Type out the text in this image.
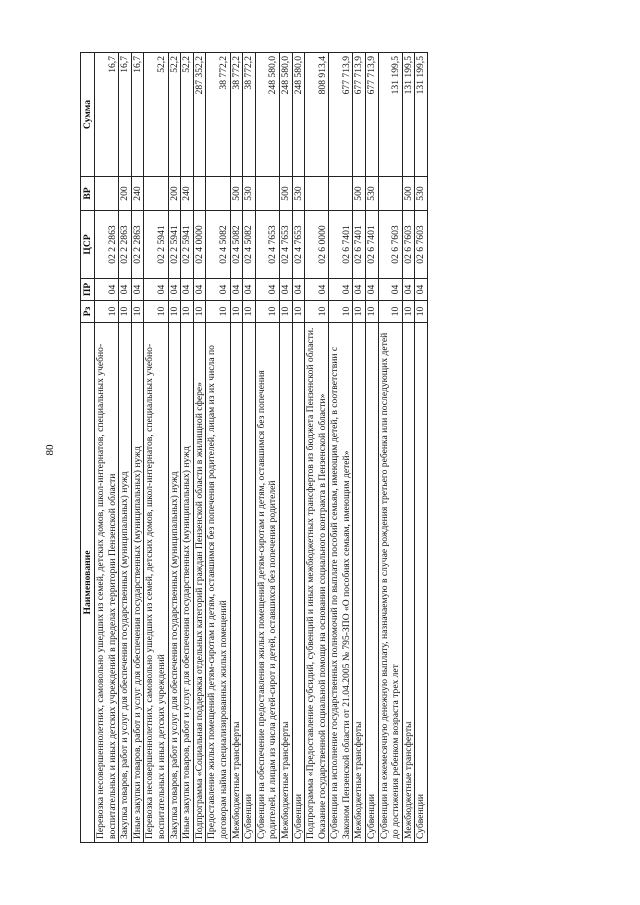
80
Наименование	Рз	ПР	ЦСР	ВР	Сумма
Перевозка несовершеннолетних, самовольно ушедших из семей, детских домов, школ-интернатов, специальных учебно-воспитательных и иных детских учреждений в пределах территории Пензенской области	10	04	02 2 2863		16,7
Закупка товаров, работ и услуг для обеспечения государственных (муниципальных) нужд	10	04	02 2 2863	200	16,7
Иные закупки товаров, работ и услуг для обеспечения государственных (муниципальных) нужд	10	04	02 2 2863	240	16,7
Перевозка несовершеннолетних, самовольно ушедших из семей, детских домов, школ-интернатов, специальных учебно-воспитательных и иных детских учреждений	10	04	02 2 5941		52,2
Закупка товаров, работ и услуг для обеспечения государственных (муниципальных) нужд	10	04	02 2 5941	200	52,2
Иные закупки товаров, работ и услуг для обеспечения государственных (муниципальных) нужд	10	04	02 2 5941	240	52,2
Подпрограмма «Социальная поддержка отдельных категорий граждан Пензенской области в жилищной сфере»	10	04	02 4 0000		287 352,2
Предоставление жилых помещений детям-сиротам и детям, оставшимся без попечения родителей, лицам из их числа по договорам найма специализированных жилых помещений	10	04	02 4 5082		38 772,2
Межбюджетные трансферты	10	04	02 4 5082	500	38 772,2
Субвенции	10	04	02 4 5082	530	38 772,2
Субвенции на обеспечение предоставления жилых помещений детям-сиротам и детям, оставшимся без попечения родителей, и лицам из числа детей-сирот и детей, оставшихся без попечения родителей	10	04	02 4 7653		248 580,0
Межбюджетные трансферты	10	04	02 4 7653	500	248 580,0
Субвенции	10	04	02 4 7653	530	248 580,0
Подпрограмма «Предоставление субсидий, субвенций и иных межбюджетных трансфертов из бюджета Пензенской области. Оказание государственной социальной помощи на основании социального контракта в Пензенской области»	10	04	02 6 0000		808 913,4
Субвенции на исполнение государственных полномочий по выплате пособий семьям, имеющим детей, в соответствии с Законом Пензенской области от 21.04.2005 № 795-ЗПО «О пособиях семьям, имеющим детей»	10	04	02 6 7401		677 713,9
Межбюджетные трансферты	10	04	02 6 7401	500	677 713,9
Субвенции	10	04	02 6 7401	530	677 713,9
Субвенции на ежемесячную денежную выплату, назначаемую в случае рождения третьего ребенка или последующих детей до достижения ребенком возраста трех лет	10	04	02 6 7603		131 199,5
Межбюджетные трансферты	10	04	02 6 7603	500	131 199,5
Субвенции	10	04	02 6 7603	530	131 199,5
